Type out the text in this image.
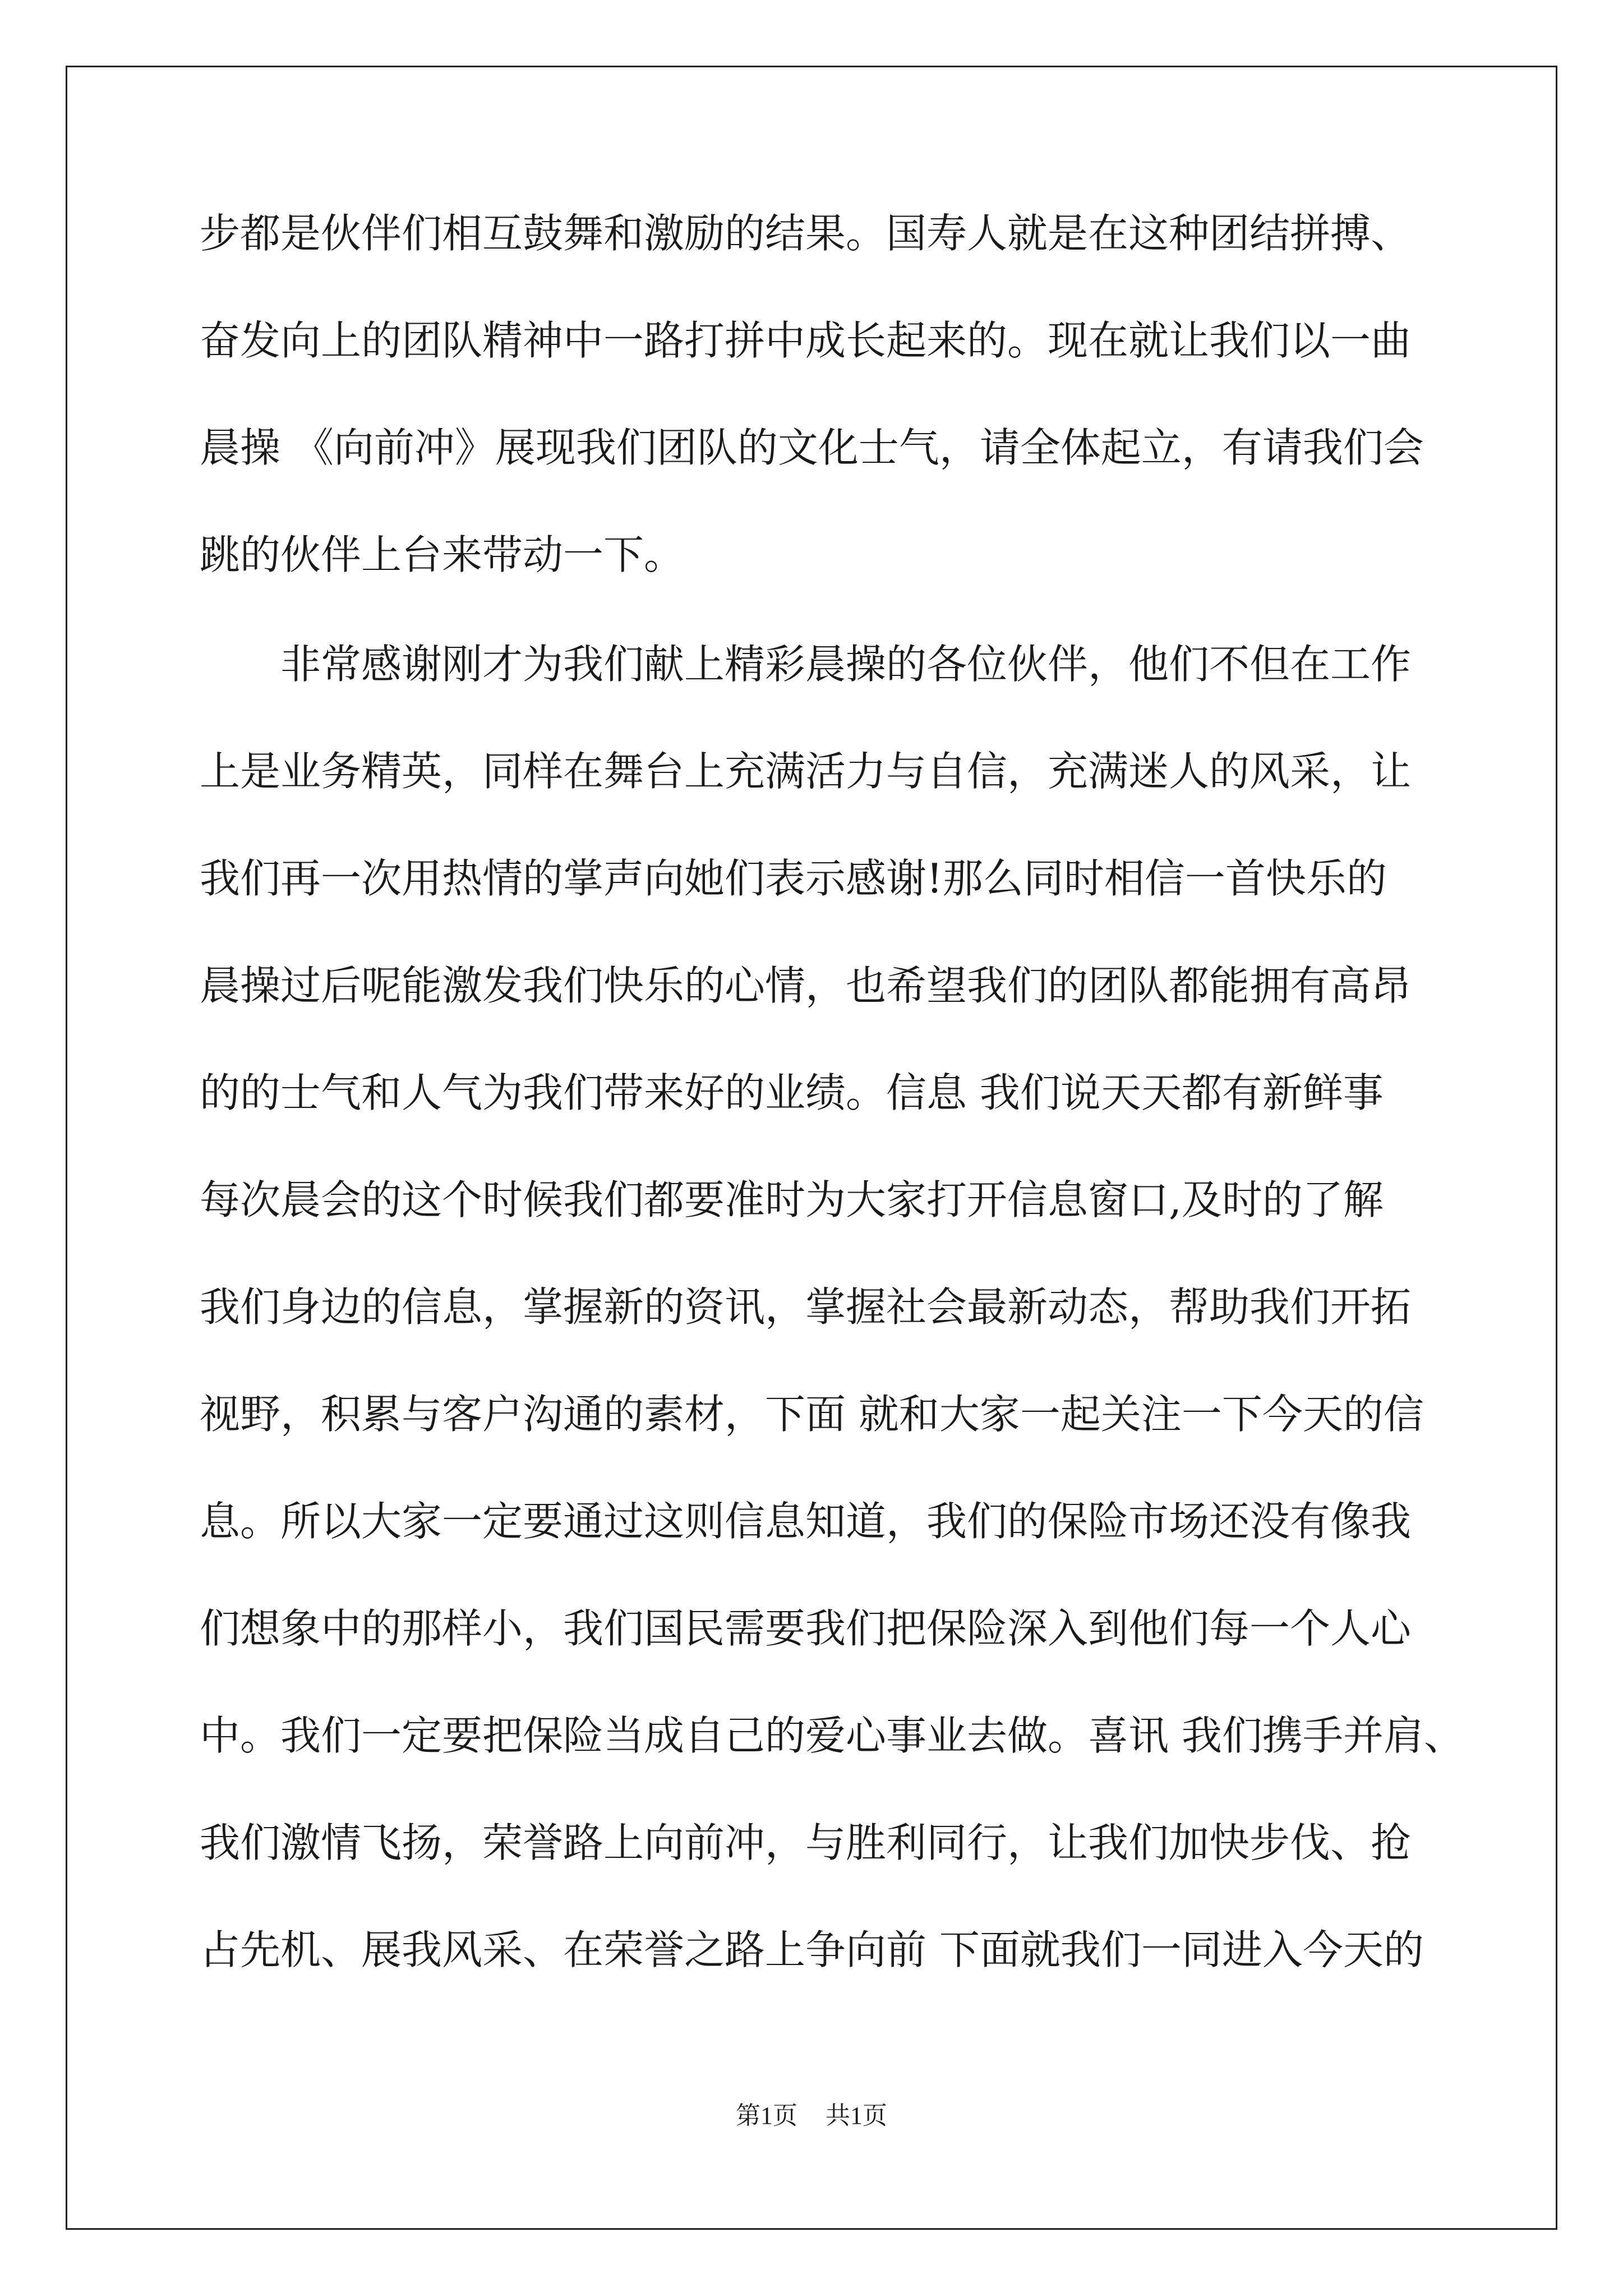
步都是伙伴们相互鼓舞和激励的结果。国寿人就是在这种团结拼搏、
奋发向上的团队精神中一路打拼中成长起来的。现在就让我们以一曲
晨操 《向前冲》展现我们团队的文化士气，请全体起立，有请我们会
跳的伙伴上台来带动一下。
非常感谢刚才为我们献上精彩晨操的各位伙伴，他们不但在工作
上是业务精英，同样在舞台上充满活力与自信，充满迷人的风采，让
我们再一次用热情的掌声向她们表示感谢!那么同时相信一首快乐的
晨操过后呢能激发我们快乐的心情，也希望我们的团队都能拥有高昂
的的士气和人气为我们带来好的业绩。信息 我们说天天都有新鲜事
每次晨会的这个时候我们都要准时为大家打开信息窗口,及时的了解
我们身边的信息，掌握新的资讯，掌握社会最新动态，帮助我们开拓
视野，积累与客户沟通的素材，下面 就和大家一起关注一下今天的信
息。所以大家一定要通过这则信息知道，我们的保险市场还没有像我
们想象中的那样小，我们国民需要我们把保险深入到他们每一个人心
中。我们一定要把保险当成自己的爱心事业去做。喜讯 我们携手并肩、
我们激情飞扬，荣誉路上向前冲，与胜利同行，让我们加快步伐、抢
占先机、展我风采、在荣誉之路上争向前 下面就我们一同进入今天的
第1页 共1页
